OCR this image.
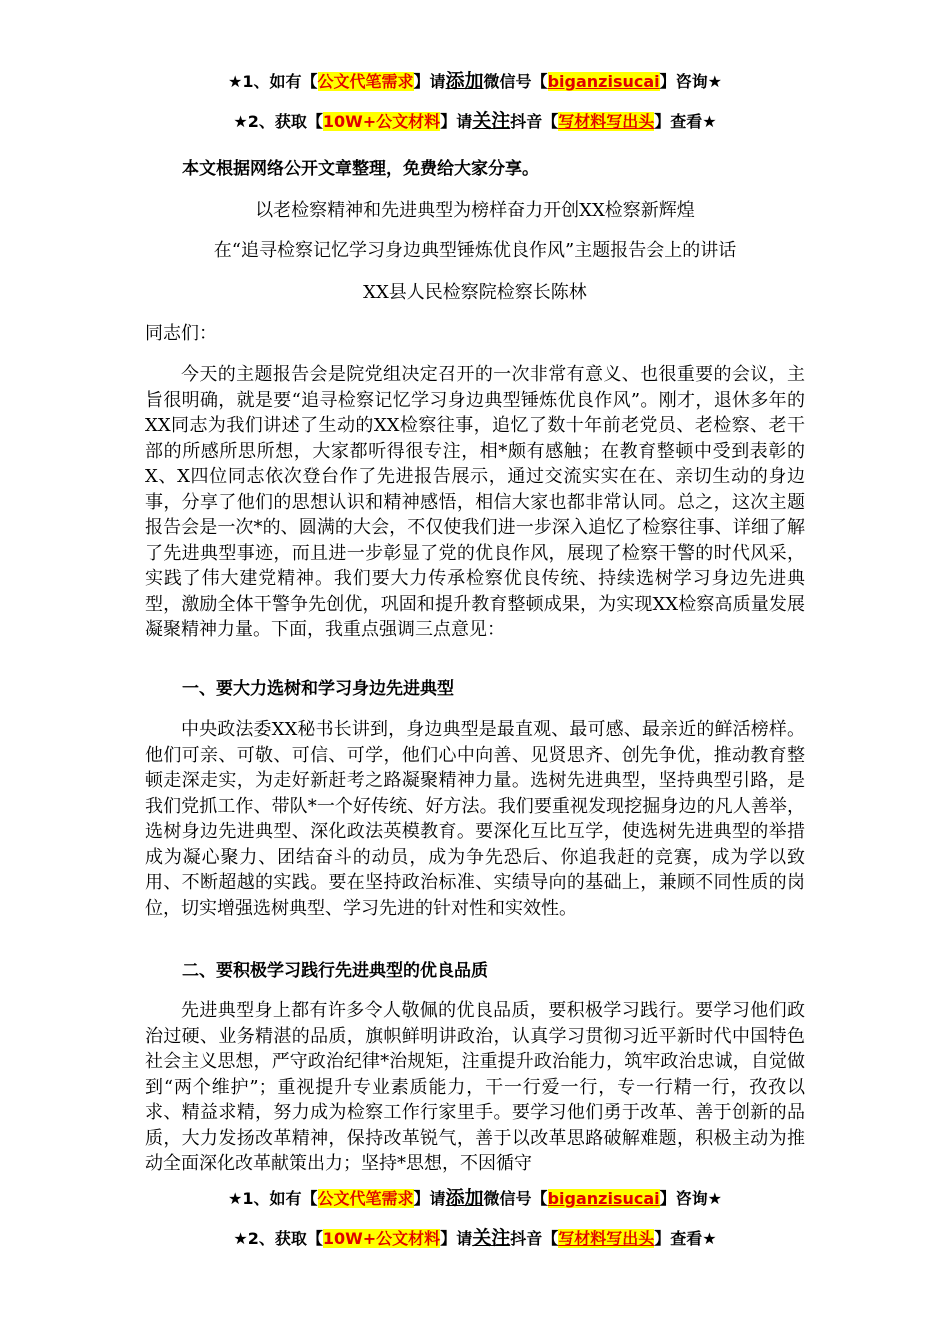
★1、如有【公文代笔需求】请添加微信号【biganzisucai】咨询★
★2、获取【10W+公文材料】请关注抖音【写材料写出头】查看★
本文根据网络公开文章整理，免费给大家分享。
以老检察精神和先进典型为榜样奋力开创XX检察新辉煌
在“追寻检察记忆学习身边典型锤炼优良作风”主题报告会上的讲话
XX县人民检察院检察长陈林
同志们：

今天的主题报告会是院党组决定召开的一次非常有意义、也很重要的会议，主旨很明确，就是要“追寻检察记忆学习身边典型锤炼优良作风”。刚才，退休多年的XX同志为我们讲述了生动的XX检察往事，追忆了数十年前老党员、老检察、老干部的所感所思所想，大家都听得很专注，相*颇有感触；在教育整顿中受到表彰的X、X四位同志依次登台作了先进报告展示，通过交流实实在在、亲切生动的身边事，分享了他们的思想认识和精神感悟，相信大家也都非常认同。总之，这次主题报告会是一次*的、圆满的大会，不仅使我们进一步深入追忆了检察往事、详细了解了先进典型事迹，而且进一步彰显了党的优良作风，展现了检察干警的时代风采，实践了伟大建党精神。我们要大力传承检察优良传统、持续选树学习身边先进典型，激励全体干警争先创优，巩固和提升教育整顿成果，为实现XX检察高质量发展凝聚精神力量。下面，我重点强调三点意见：

一、要大力选树和学习身边先进典型

中央政法委XX秘书长讲到，身边典型是最直观、最可感、最亲近的鲜活榜样。他们可亲、可敬、可信、可学，他们心中向善、见贤思齐、创先争优，推动教育整顿走深走实，为走好新赶考之路凝聚精神力量。选树先进典型，坚持典型引路，是我们党抓工作、带队*一个好传统、好方法。我们要重视发现挖掘身边的凡人善举，选树身边先进典型、深化政法英模教育。要深化互比互学，使选树先进典型的举措成为凝心聚力、团结奋斗的动员，成为争先恐后、你追我赶的竞赛，成为学以致用、不断超越的实践。要在坚持政治标准、实绩导向的基础上，兼顾不同性质的岗位，切实增强选树典型、学习先进的针对性和实效性。

二、要积极学习践行先进典型的优良品质

先进典型身上都有许多令人敬佩的优良品质，要积极学习践行。要学习他们政治过硬、业务精湛的品质，旗帜鲜明讲政治，认真学习贯彻习近平新时代中国特色社会主义思想，严守政治纪律*治规矩，注重提升政治能力，筑牢政治忠诚，自觉做到“两个维护”；重视提升专业素质能力，干一行爱一行，专一行精一行，孜孜以求、精益求精，努力成为检察工作行家里手。要学习他们勇于改革、善于创新的品质，大力发扬改革精神，保持改革锐气，善于以改革思路破解难题，积极主动为推动全面深化改革献策出力；坚持*思想，不因循守

★1、如有【公文代笔需求】请添加微信号【biganzisucai】咨询★
★2、获取【10W+公文材料】请关注抖音【写材料写出头】查看★
